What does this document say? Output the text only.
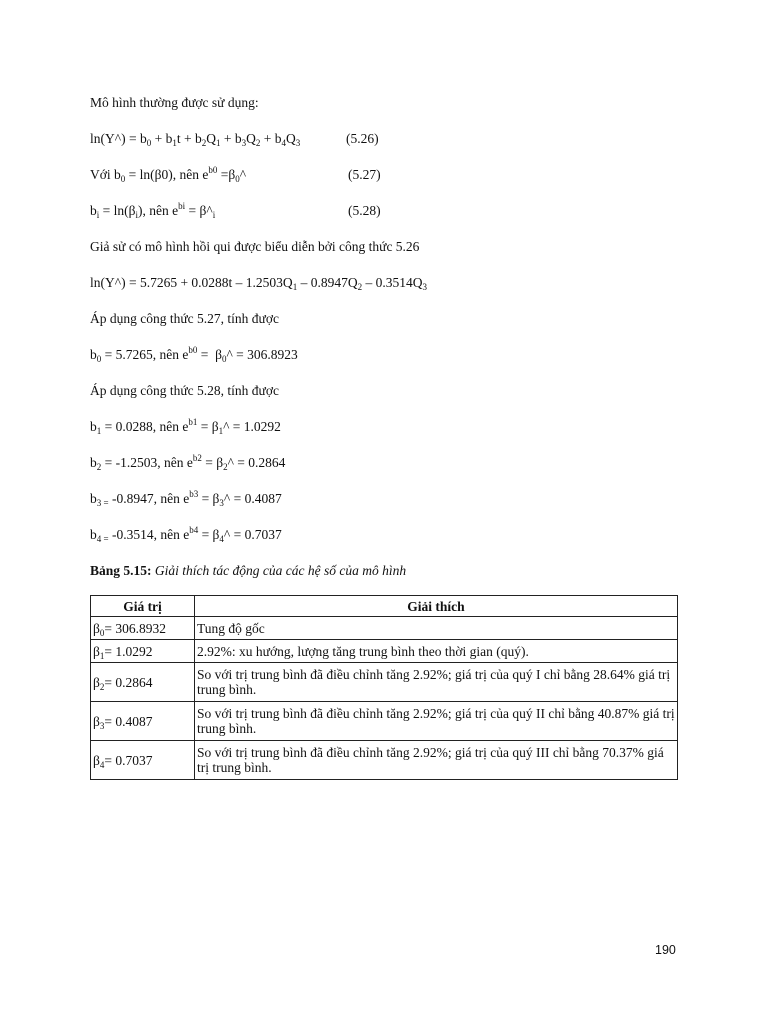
Mô hình thường được sử dụng:
ln(Y^) = $b_0 + b_1t + b_2Q_1 + b_3Q_2 + b_4Q_3$	(5.26)
Với $b_0 = \ln(\beta 0)$, nên $e^{b0}$ $=\beta_0\^{}$	(5.27)
$b_i = \ln(\beta_i)$, nên $e^{bi}$ = $\beta\^{}_i$	(5.28)
Giả sử có mô hình hồi qui được biểu diễn bởi công thức 5.26
ln(Y^) = $5.7265 + 0.0288t - 1.2503Q_1 - 0.8947Q_2 - 0.3514Q_3$
Áp dụng công thức 5.27, tính được
$b_0 = 5.7265$, nên $e^{b0}$ =  $\beta_0\^{} = 306.8923$
Áp dụng công thức 5.28, tính được
$b_1 = 0.0288$, nên $e^{b1}$ = $\beta_1\^{} = 1.0292$
$b_2 = -1.2503$, nên $e^{b2}$ = $\beta_2\^{} = 0.2864$
$b_{3 =}$ -0.8947, nên $e^{b3}$ = $\beta_3\^{} = 0.4087$
$b_{4 =}$ -0.3514, nên $e^{b4}$ = $\beta_4\^{} = 0.7037$
Bảng 5.15: Giải thích tác động của các hệ số của mô hình
Giá trị	Giải thích
$\beta_0= 306.8932$	Tung độ gốc
$\beta_1= 1.0292$	2.92%: xu hướng, lượng tăng trung bình theo thời gian (quý).
$\beta_2= 0.2864$	So với trị trung bình đã điều chỉnh tăng 2.92%; giá trị của quý I chỉ bằng 28.64% giá trị trung bình.
$\beta_3= 0.4087$	So với trị trung bình đã điều chỉnh tăng 2.92%; giá trị của quý II chỉ bằng 40.87% giá trị trung bình.
$\beta_4= 0.7037$	So với trị trung bình đã điều chỉnh tăng 2.92%; giá trị của quý III chỉ bằng 70.37% giá trị trung bình.
190
